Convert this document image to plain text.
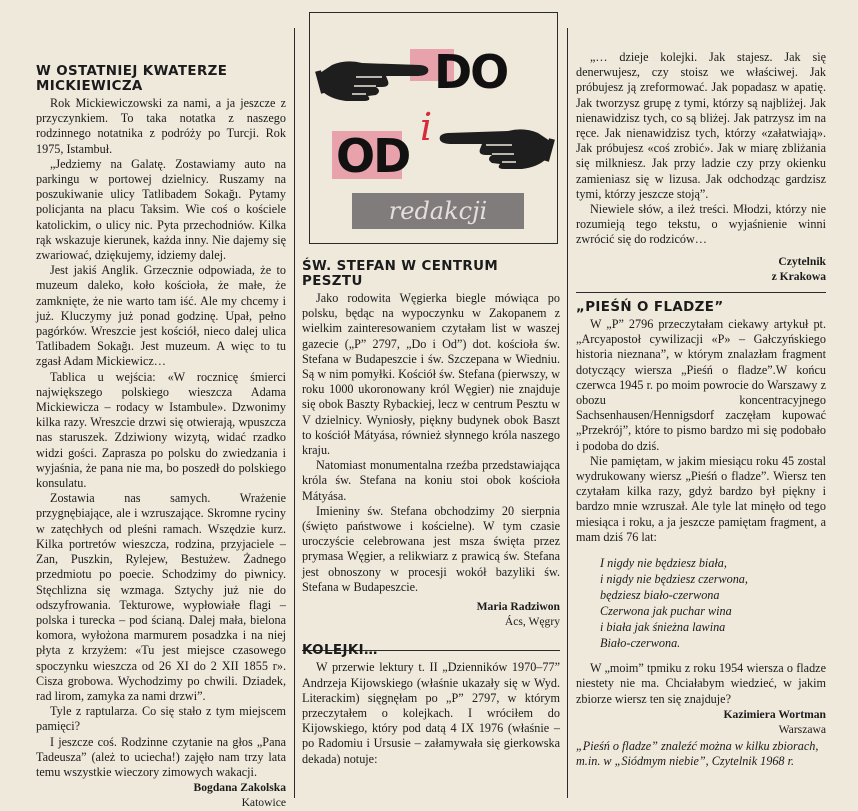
DO
i
OD
redakcji
W OSTATNIEJ KWATERZE MICKIEWICZA

Rok Mickiewiczowski za nami, a ja jeszcze z przyczynkiem. To taka notatka z naszego rodzinnego notatnika z podróży po Turcji. Rok 1975, Istambuł.

„Jedziemy na Galatę. Zostawiamy auto na parkingu w portowej dzielnicy. Ruszamy na poszukiwanie ulicy Tatlibadem Sokağı. Pytamy policjanta na placu Taksim. Wie coś o kościele katolickim, o ulicy nic. Pyta przechodniów. Kilka rąk wskazuje kierunek, każda inny. Nie dajemy się zwariować, dziękujemy, idziemy dalej.

Jest jakiś Anglik. Grzecznie odpowiada, że to muzeum daleko, koło kościoła, że małe, że zamknięte, że nie warto tam iść. Ale my chcemy i już. Kluczymy już ponad godzinę. Upał, pełno pagórków. Wreszcie jest kościół, nieco dalej ulica Tatlibadem Sokağı. Jest muzeum. A więc to tu zgasł Adam Mickiewicz…

Tablica u wejścia: «W rocznicę śmierci największego polskiego wieszcza Adama Mickiewicza – rodacy w Istambule». Dzwonimy kilka razy. Wreszcie drzwi się otwierają, wpuszcza nas staruszek. Zdziwiony wizytą, widać rzadko widzi gości. Zaprasza po polsku do zwiedzania i wyjaśnia, że pana nie ma, bo poszedł do polskiego konsulatu.

Zostawia nas samych. Wrażenie przygnębiające, ale i wzruszające. Skromne ryciny w zatęchłych od pleśni ramach. Wszędzie kurz. Kilka portretów wieszcza, rodzina, przyjaciele – Zan, Puszkin, Rylejew, Bestużew. Żadnego przedmiotu po poecie. Schodzimy do piwnicy. Stęchlizna się wzmaga. Sztychy już nie do odszyfrowania. Tekturowe, wypłowiałe flagi – polska i turecka – pod ścianą. Dalej mała, bielona komora, wyłożona marmurem posadzka i na niej płyta z krzyżem: «Tu jest miejsce czasowego spoczynku wieszcza od 26 XI do 2 XII 1855 r». Cisza grobowa. Wychodzimy po chwili. Dziadek, rad lirom, zamyka za nami drzwi”.

Tyle z raptularza. Co się stało z tym miejscem pamięci?

I jeszcze coś. Rodzinne czytanie na głos „Pana Tadeusza” (ależ to uciecha!) zajęło nam trzy lata temu wszystkie wieczory zimowych wakacji.

Bogdana Zakolska
Katowice
ŚW. STEFAN W CENTRUM PESZTU

Jako rodowita Węgierka biegle mówiąca po polsku, będąc na wypoczynku w Zakopanem z wielkim zainteresowaniem czytałam list w waszej gazecie („P” 2797, „Do i Od”) dot. kościoła św. Stefana w Budapeszcie i św. Szczepana w Wiedniu. Są w nim pomyłki. Kościół św. Stefana (pierwszy, w roku 1000 ukoronowany król Węgier) nie znajduje się obok Baszty Rybackiej, lecz w centrum Pesztu w V dzielnicy. Wyniosły, piękny budynek obok Baszt to kościół Mátyása, również słynnego króla naszego kraju.

Natomiast monumentalna rzeźba przedstawiająca króla św. Stefana na koniu stoi obok kościoła Mátyása.

Imieniny św. Stefana obchodzimy 20 sierpnia (święto państwowe i kościelne). W tym czasie uroczyście celebrowana jest msza święta przez prymasa Węgier, a relikwiarz z prawicą św. Stefana jest obnoszony w procesji wokół bazyliki św. Stefana w Budapeszcie.

Maria Radziwon
Ács, Węgry
KOLEJKI…

W przerwie lektury t. II „Dzienników 1970–77” Andrzeja Kijowskiego (właśnie ukazały się w Wyd. Literackim) sięgnęłam po „P” 2797, w którym przeczytałem o kolejkach. I wróciłem do Kijowskiego, który pod datą 4 IX 1976 (właśnie – po Radomiu i Ursusie – załamywała się gierkowska dekada) notuje:

„… dzieje kolejki. Jak stajesz. Jak się denerwujesz, czy stoisz we właściwej. Jak próbujesz ją zreformować. Jak popadasz w apatię. Jak tworzysz grupę z tymi, którzy są najbliżej. Jak nienawidzisz tych, co są bliżej. Jak patrzysz im na ręce. Jak nienawidzisz tych, którzy «załatwiają». Jak próbujesz «coś zrobić». Jak w miarę zbliżania się milkniesz. Jak przy ladzie czy przy okienku zamieniasz się w lizusa. Jak odchodząc gardzisz tymi, którzy jeszcze stoją”.

Niewiele słów, a ileż treści. Młodzi, którzy nie rozumieją tego tekstu, o wyjaśnienie winni zwrócić się do rodziców…

Czytelnik
z Krakowa
„PIEŚŃ O FLADZE”

W „P” 2796 przeczytałam ciekawy artykuł pt. „Arcyapostoł cywilizacji «P» – Gałczyńskiego historia nieznana”, w którym znalazłam fragment dotyczący wiersza „Pieśń o fladze”.W końcu czerwca 1945 r. po moim powrocie do Warszawy z obozu koncentracyjnego Sachsenhausen/Hennigsdorf zaczęłam kupować „Przekrój”, które to pismo bardzo mi się podobało i podoba do dziś.

Nie pamiętam, w jakim miesiącu roku 45 zostal wydrukowany wiersz „Pieśń o fladze”. Wiersz ten czytałam kilka razy, gdyż bardzo był piękny i bardzo mnie wzruszał. Ale tyle lat minęło od tego miesiąca i roku, a ja jeszcze pamiętam fragment, a mam dziś 76 lat:

I nigdy nie będziesz biała,
i nigdy nie będziesz czerwona,
będziesz biało-czerwona
Czerwona jak puchar wina
i biała jak śnieżna lawina
Biało-czerwona.

W „moim” tpmiku z roku 1954 wiersza o fladze niestety nie ma. Chciałabym wiedzieć, w jakim zbiorze wiersz ten się znajduje?

Kazimiera Wortman
Warszawa
„Pieśń o fladze” znaleźć można w kilku zbiorach, m.in. w „Siódmym niebie”, Czytelnik 1968 r.
